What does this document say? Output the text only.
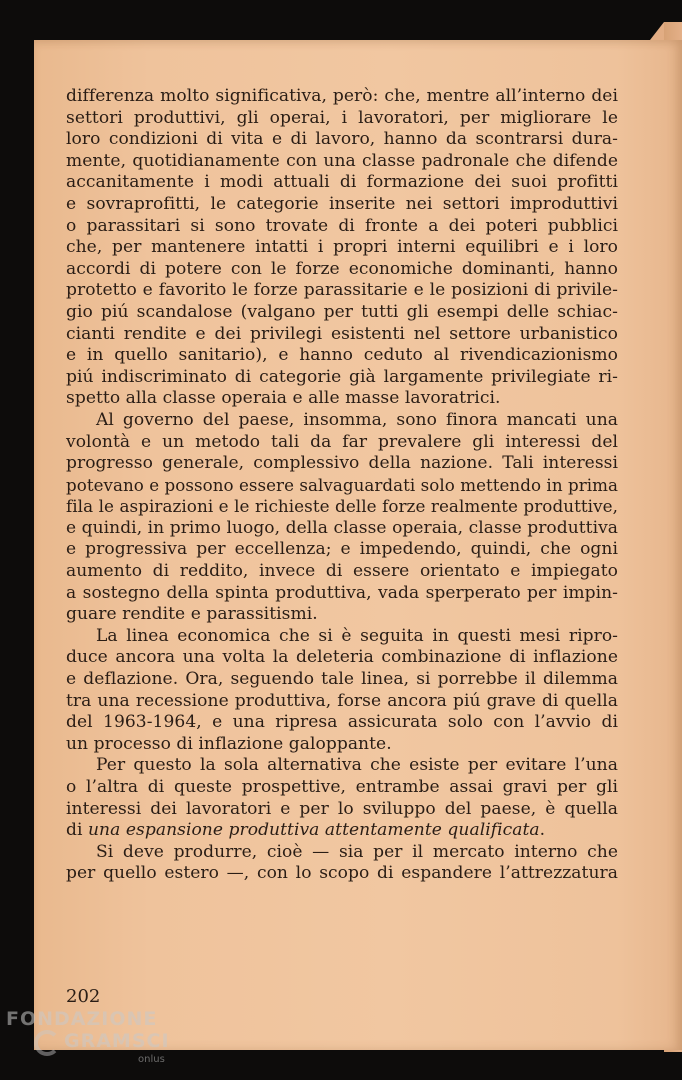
differenza molto significativa, però: che, mentre all’interno dei
settori produttivi, gli operai, i lavoratori, per migliorare le
loro condizioni di vita e di lavoro, hanno da scontrarsi dura-
mente, quotidianamente con una classe padronale che difende
accanitamente i modi attuali di formazione dei suoi profitti
e sovraprofitti, le categorie inserite nei settori improduttivi
o parassitari si sono trovate di fronte a dei poteri pubblici
che, per mantenere intatti i propri interni equilibri e i loro
accordi di potere con le forze economiche dominanti, hanno
protetto e favorito le forze parassitarie e le posizioni di privile-
gio piú scandalose (valgano per tutti gli esempi delle schiac-
cianti rendite e dei privilegi esistenti nel settore urbanistico
e in quello sanitario), e hanno ceduto al rivendicazionismo
piú indiscriminato di categorie già largamente privilegiate ri-
spetto alla classe operaia e alle masse lavoratrici.

Al governo del paese, insomma, sono finora mancati una
volontà e un metodo tali da far prevalere gli interessi del
progresso generale, complessivo della nazione. Tali interessi
potevano e possono essere salvaguardati solo mettendo in prima
fila le aspirazioni e le richieste delle forze realmente produttive,
e quindi, in primo luogo, della classe operaia, classe produttiva
e progressiva per eccellenza; e impedendo, quindi, che ogni
aumento di reddito, invece di essere orientato e impiegato
a sostegno della spinta produttiva, vada sperperato per impin-
guare rendite e parassitismi.

La linea economica che si è seguita in questi mesi ripro-
duce ancora una volta la deleteria combinazione di inflazione
e deflazione. Ora, seguendo tale linea, si porrebbe il dilemma
tra una recessione produttiva, forse ancora piú grave di quella
del 1963-1964, e una ripresa assicurata solo con l’avvio di
un processo di inflazione galoppante.

Per questo la sola alternativa che esiste per evitare l’una
o l’altra di queste prospettive, entrambe assai gravi per gli
interessi dei lavoratori e per lo sviluppo del paese, è quella
di una espansione produttiva attentamente qualificata.

Si deve produrre, cioè — sia per il mercato interno che
per quello estero —, con lo scopo di espandere l’attrezzatura

202
FONDAZIONE
GRAMSCI
onlus
